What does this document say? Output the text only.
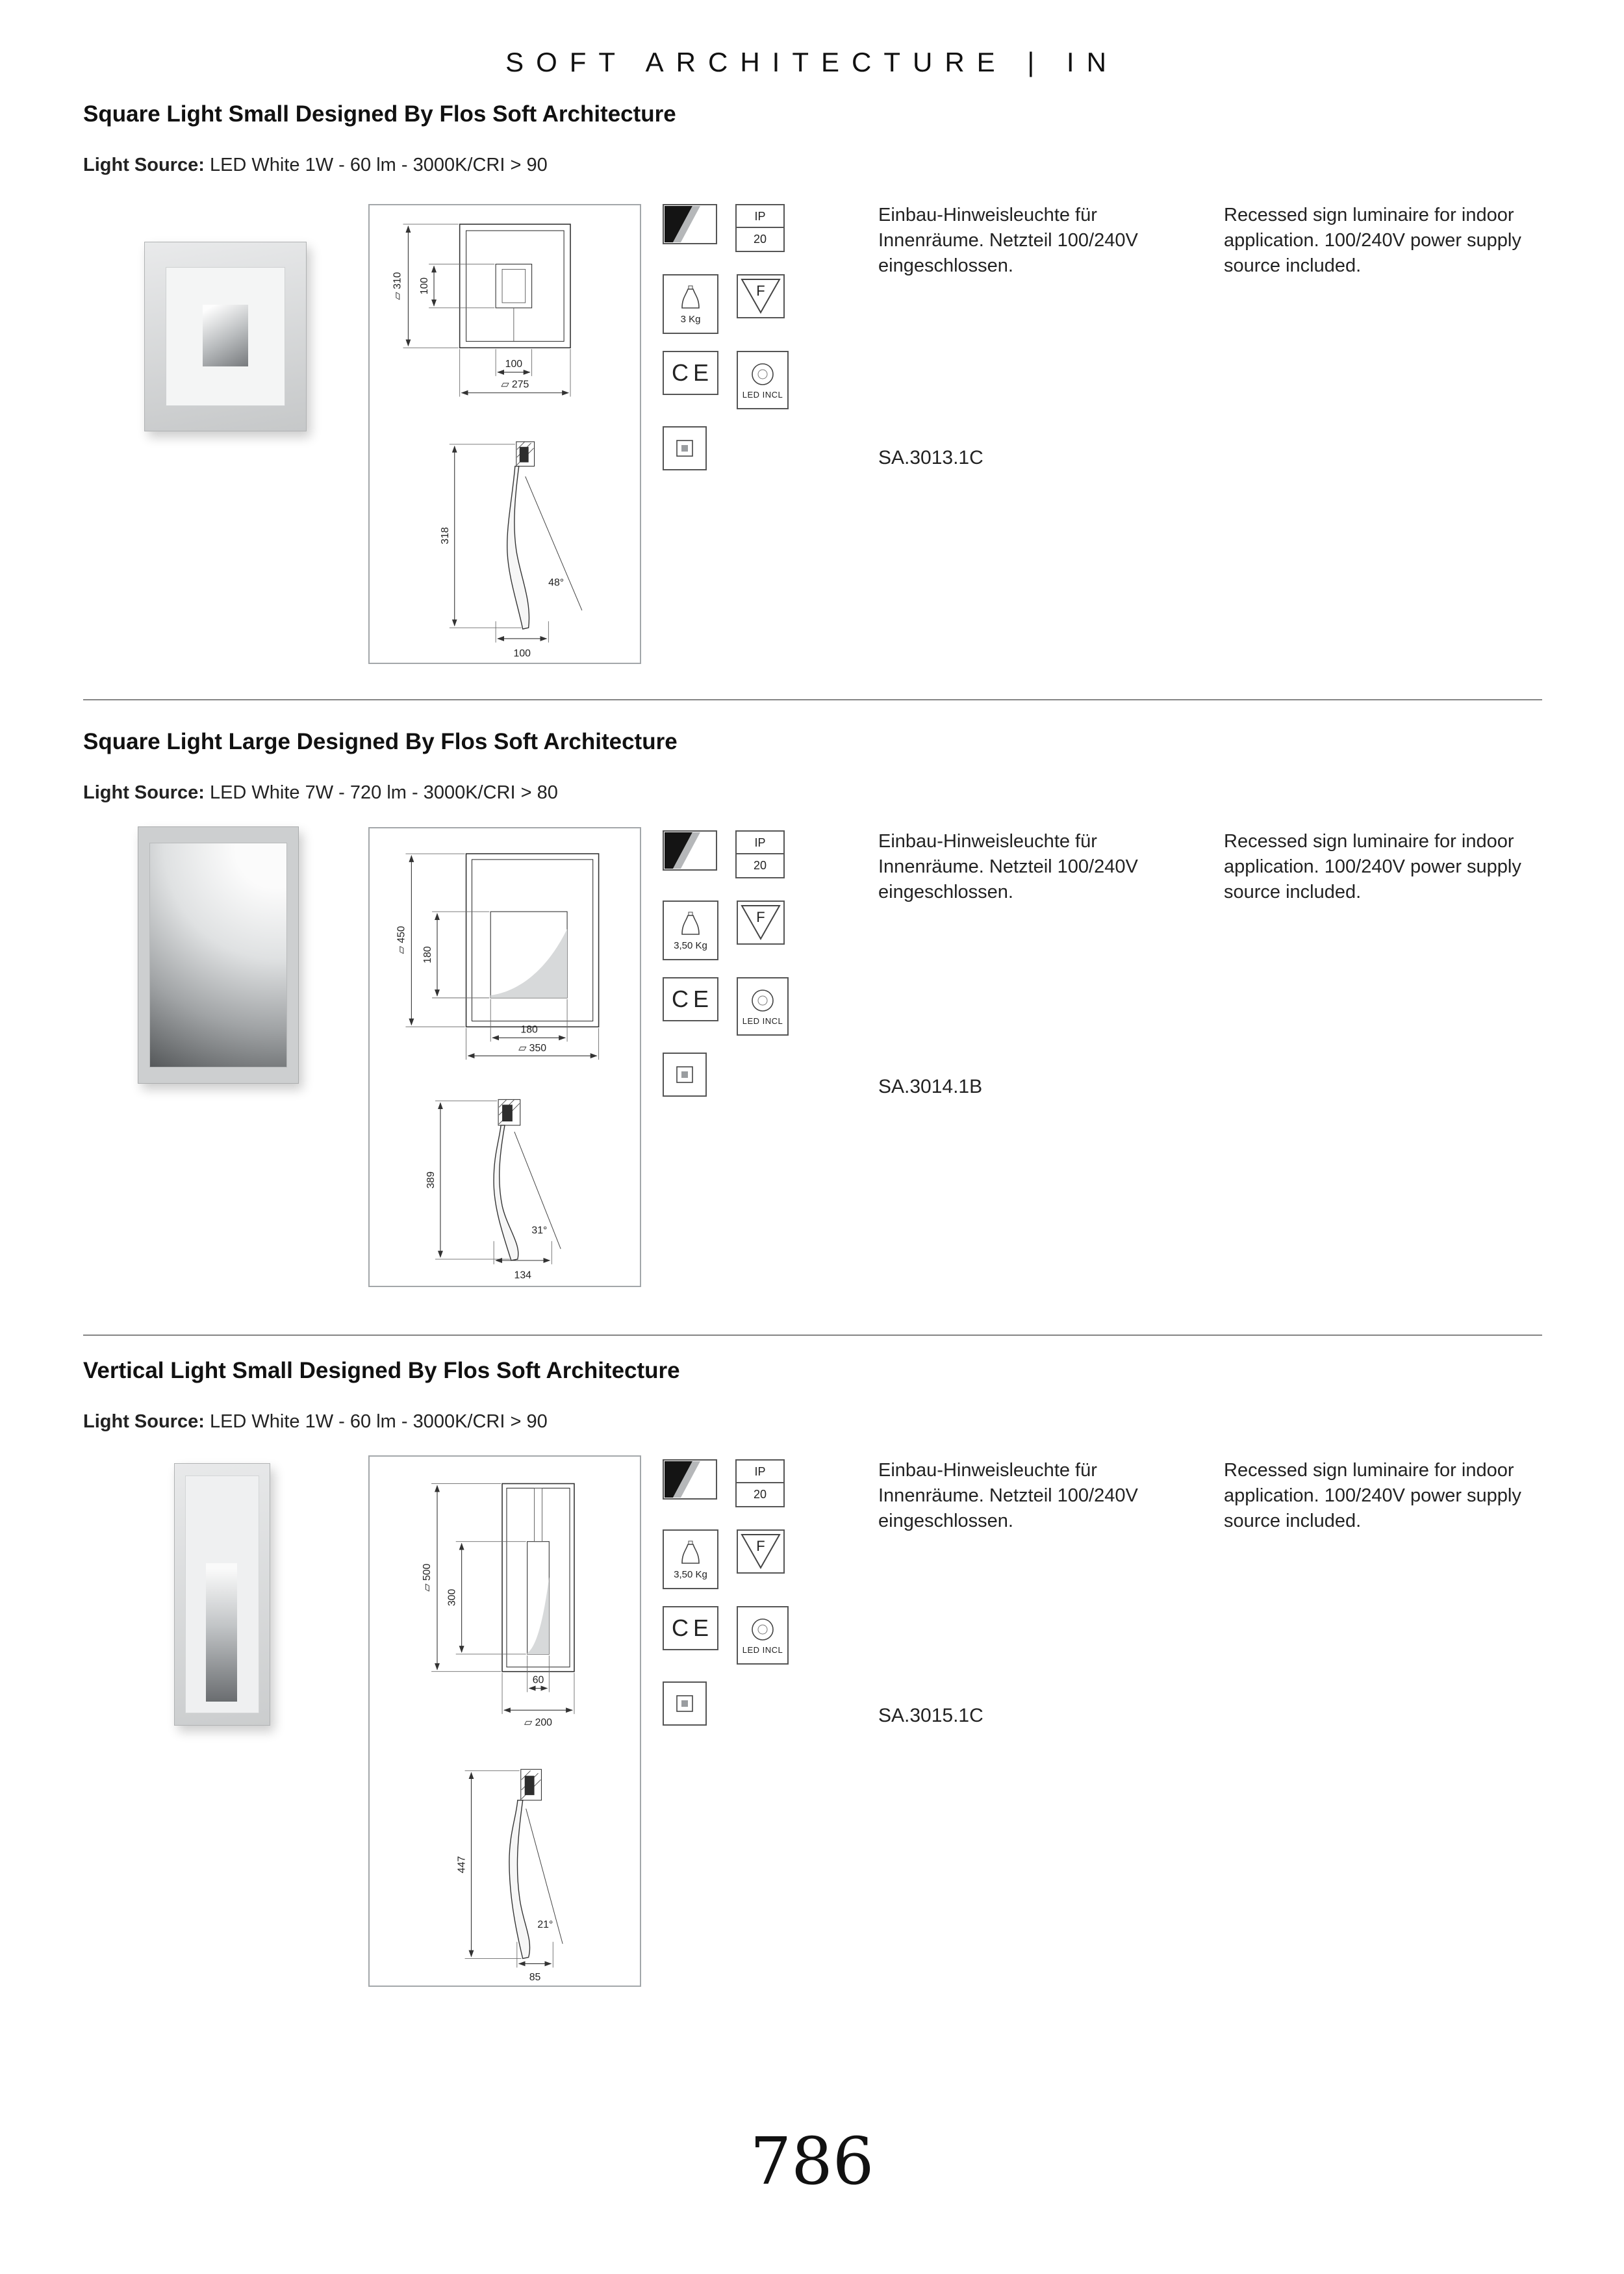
SOFT ARCHITECTURE | IN
Square Light Small Designed By Flos Soft Architecture
Light Source: LED White 1W - 60 lm - 3000K/CRI > 90
▱ 310 100
100
▱ 275
48°
318
100
IP
20
3 Kg
F
CE
LED INCL
Einbau-Hinweisleuchte für Innenräume. Netzteil 100/240V eingeschlossen.
Recessed sign luminaire for indoor application. 100/240V power supply source included.
SA.3013.1C
Square Light Large Designed By Flos Soft Architecture
Light Source: LED White 7W - 720 lm - 3000K/CRI > 80
▱ 450
180
180
▱ 350
31°
389
134
IP
20
3,50 Kg
F
CE
LED INCL
Einbau-Hinweisleuchte für Innenräume. Netzteil 100/240V eingeschlossen.
Recessed sign luminaire for indoor application. 100/240V power supply source included.
SA.3014.1B
Vertical Light Small Designed By Flos Soft Architecture
Light Source: LED White 1W - 60 lm - 3000K/CRI > 90
▱ 500
300
60
▱ 200
21°
447
85
IP
20
3,50 Kg
F
CE
LED INCL
Einbau-Hinweisleuchte für Innenräume. Netzteil 100/240V eingeschlossen.
Recessed sign luminaire for indoor application. 100/240V power supply source included.
SA.3015.1C
786
